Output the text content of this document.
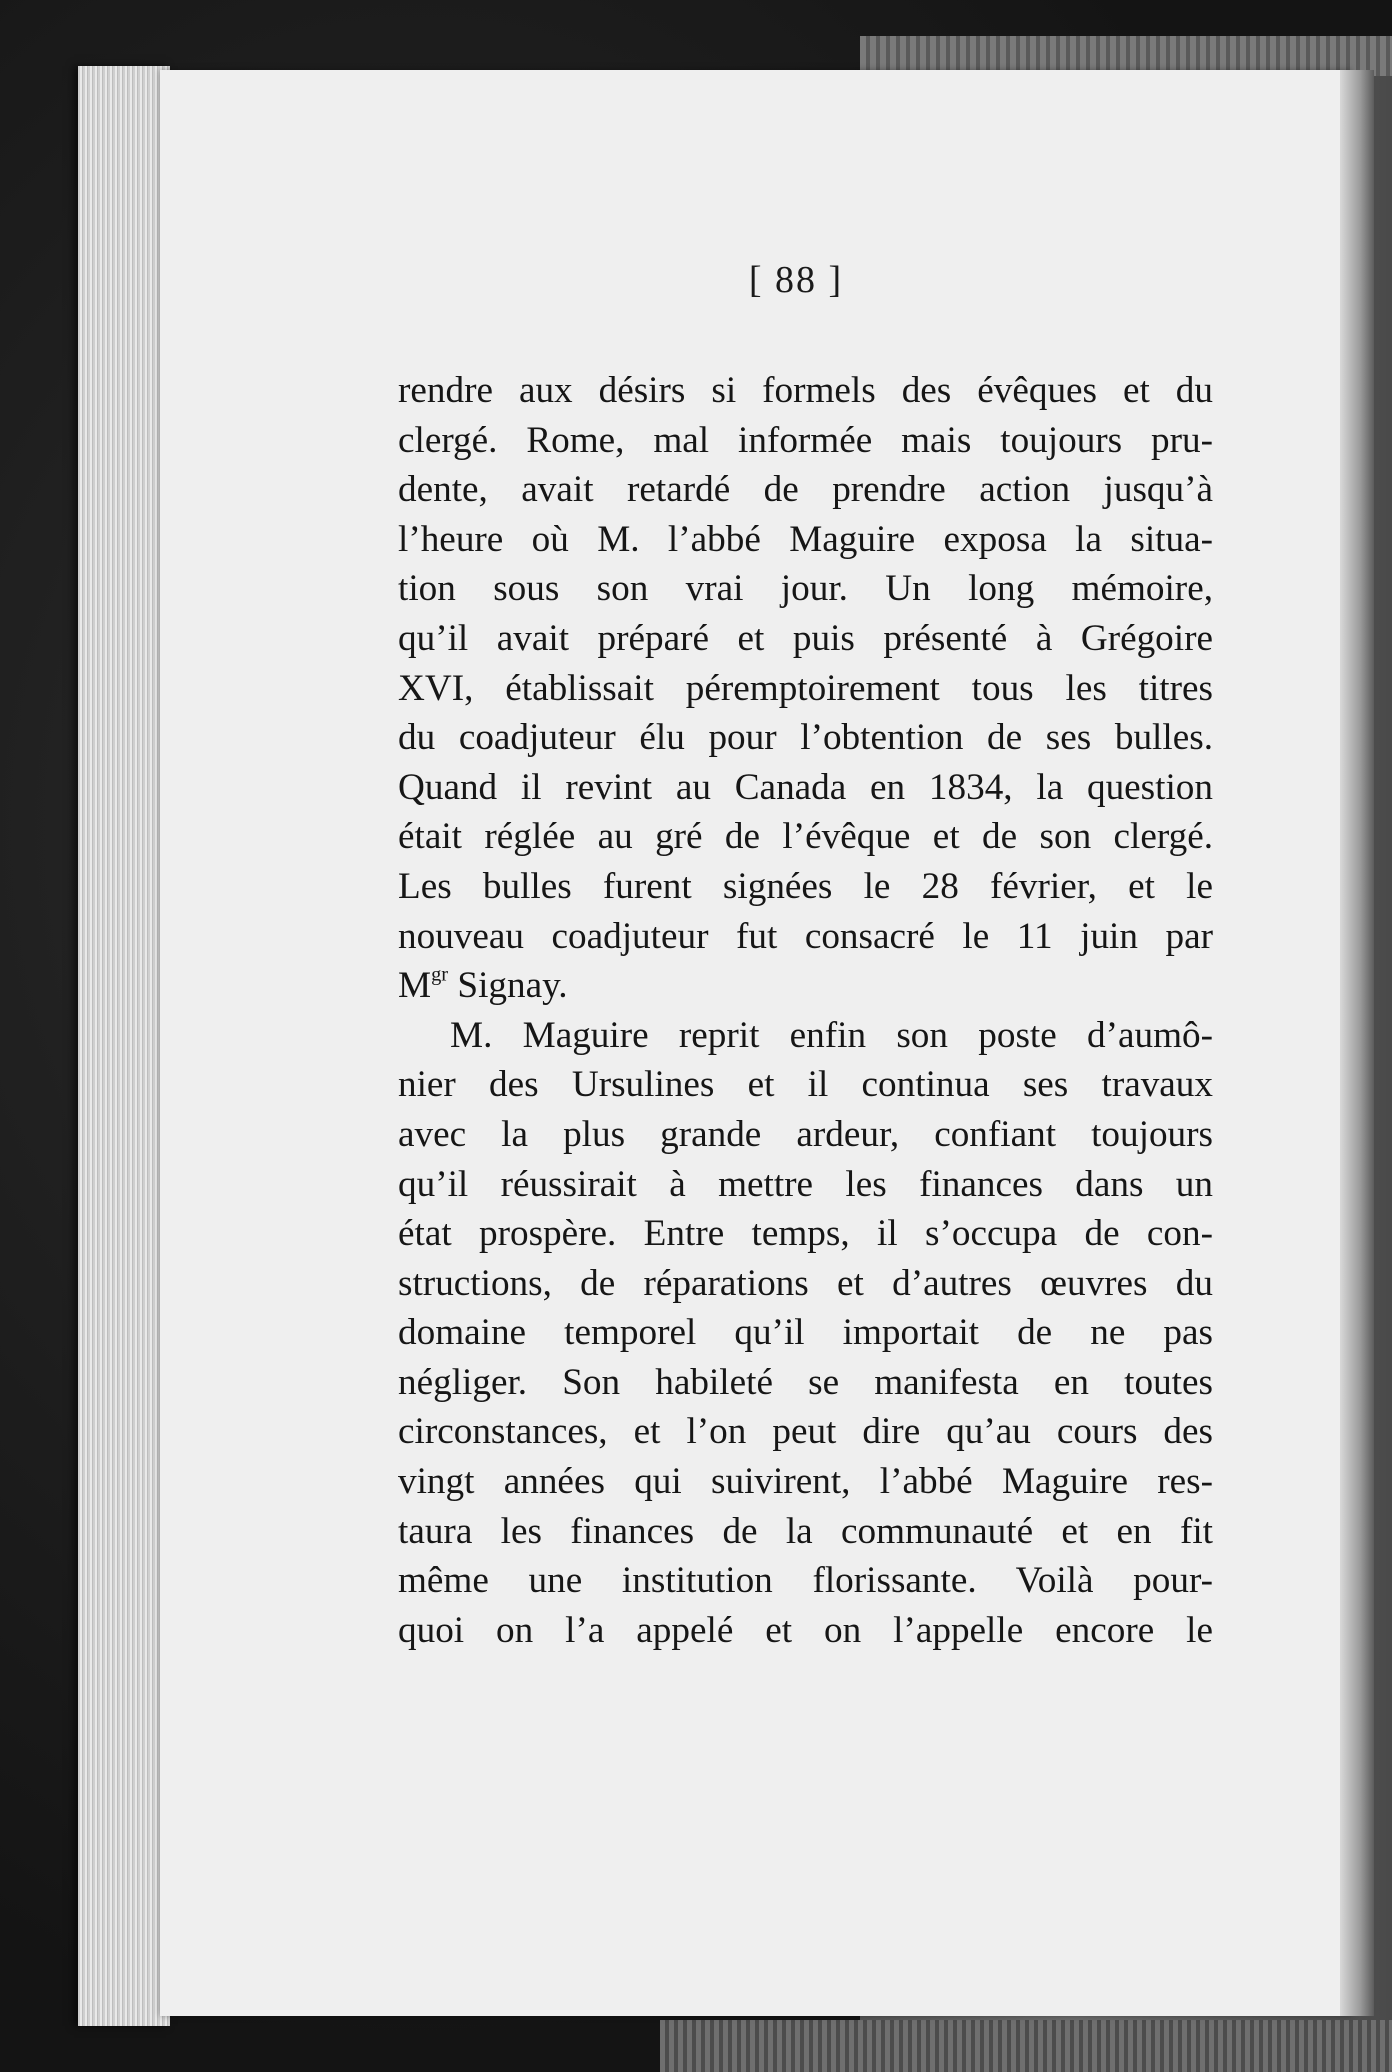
[ 88 ]

rendre aux désirs si formels des évêques et du
clergé. Rome, mal informée mais toujours pru-
dente, avait retardé de prendre action jusqu’à
l’heure où M. l’abbé Maguire exposa la situa-
tion sous son vrai jour. Un long mémoire,
qu’il avait préparé et puis présenté à Grégoire
XVI, établissait péremptoirement tous les titres
du coadjuteur élu pour l’obtention de ses bulles.
Quand il revint au Canada en 1834, la question
était réglée au gré de l’évêque et de son clergé.
Les bulles furent signées le 28 février, et le
nouveau coadjuteur fut consacré le 11 juin par
$M^{gr}$ Signay.

M. Maguire reprit enfin son poste d’aumô-
nier des Ursulines et il continua ses travaux
avec la plus grande ardeur, confiant toujours
qu’il réussirait à mettre les finances dans un
état prospère. Entre temps, il s’occupa de con-
structions, de réparations et d’autres œuvres du
domaine temporel qu’il importait de ne pas
négliger. Son habileté se manifesta en toutes
circonstances, et l’on peut dire qu’au cours des
vingt années qui suivirent, l’abbé Maguire res-
taura les finances de la communauté et en fit
même une institution florissante. Voilà pour-
quoi on l’a appelé et on l’appelle encore le
